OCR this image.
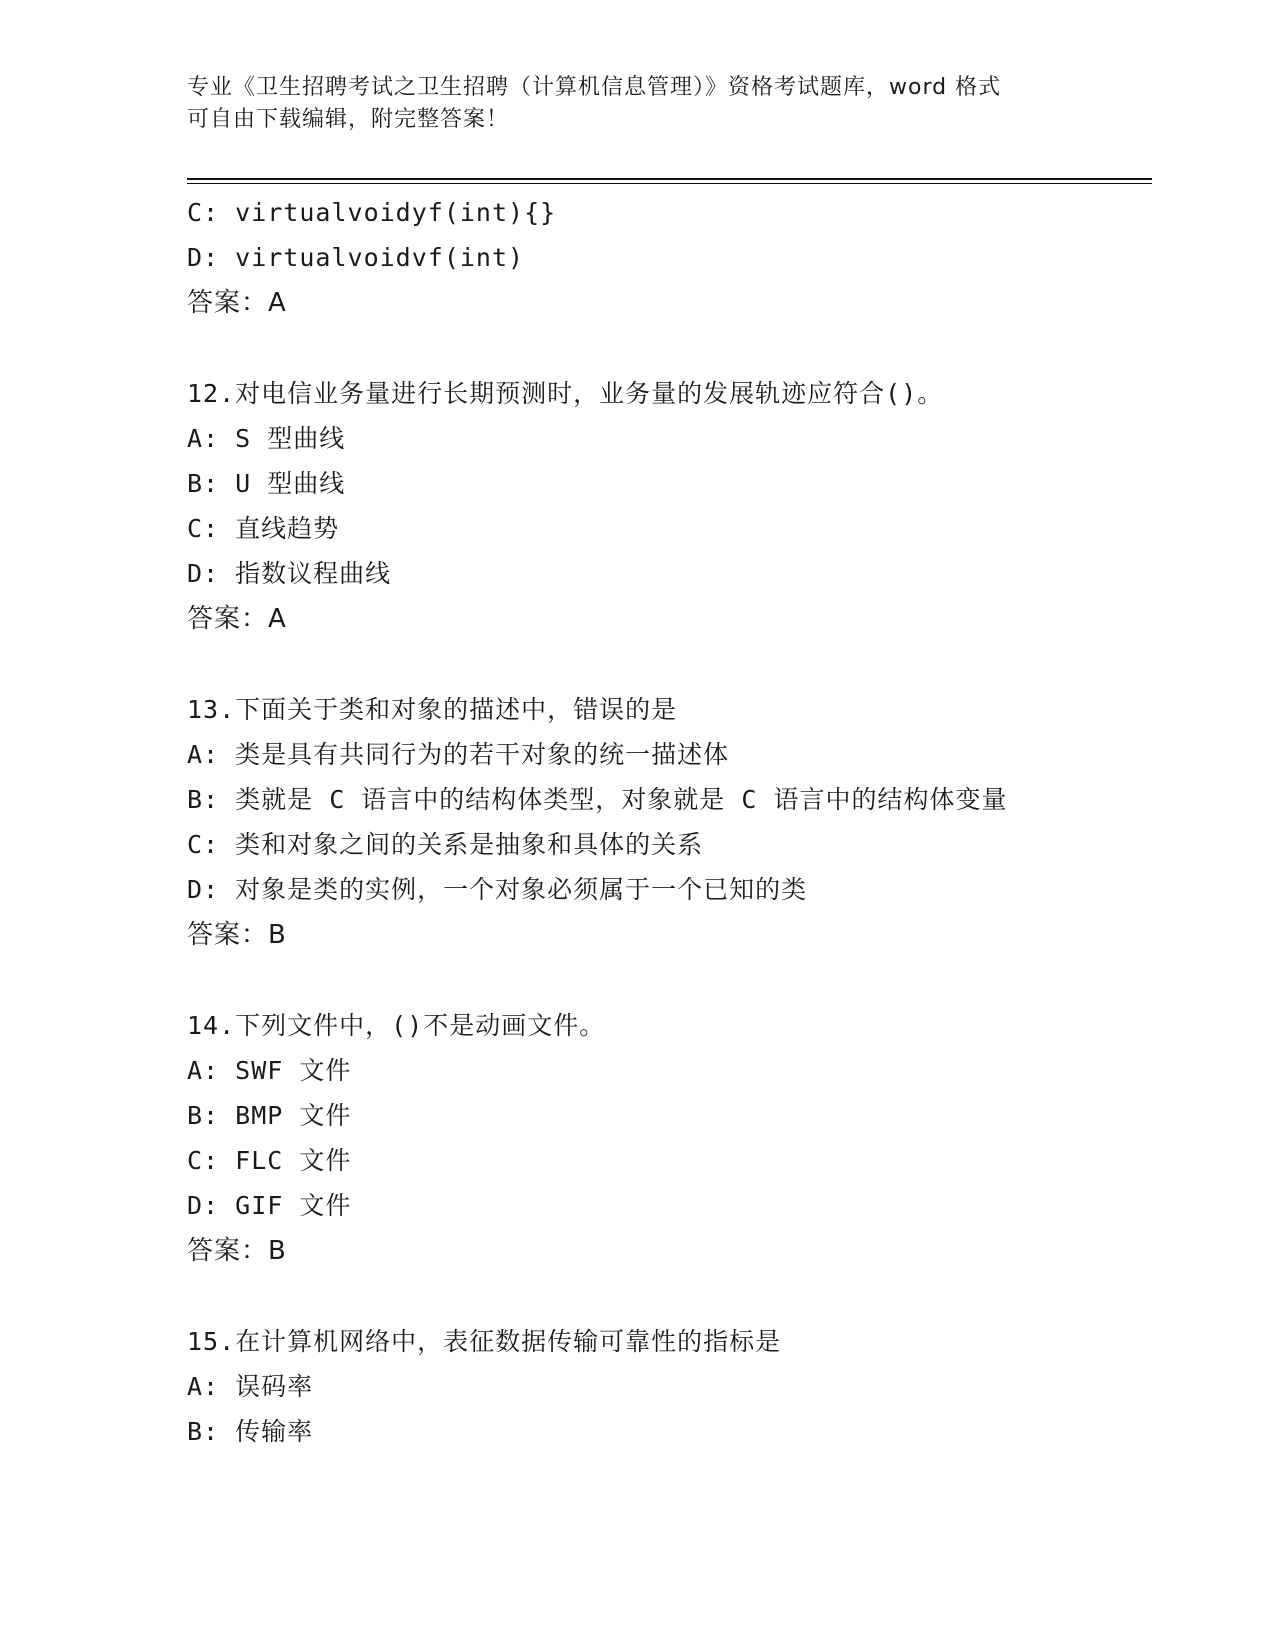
专业《卫生招聘考试之卫生招聘（计算机信息管理）》资格考试题库，word 格式
可自由下载编辑，附完整答案！
C: virtualvoidyf(int){}
D: virtualvoidvf(int)
答案：A
12.对电信业务量进行长期预测时，业务量的发展轨迹应符合()。
A: S 型曲线
B: U 型曲线
C: 直线趋势
D: 指数议程曲线
答案：A
13.下面关于类和对象的描述中，错误的是
A: 类是具有共同行为的若干对象的统一描述体
B: 类就是 C 语言中的结构体类型，对象就是 C 语言中的结构体变量
C: 类和对象之间的关系是抽象和具体的关系
D: 对象是类的实例，一个对象必须属于一个已知的类
答案：B
14.下列文件中，()不是动画文件。
A: SWF 文件
B: BMP 文件
C: FLC 文件
D: GIF 文件
答案：B
15.在计算机网络中，表征数据传输可靠性的指标是
A: 误码率
B: 传输率
